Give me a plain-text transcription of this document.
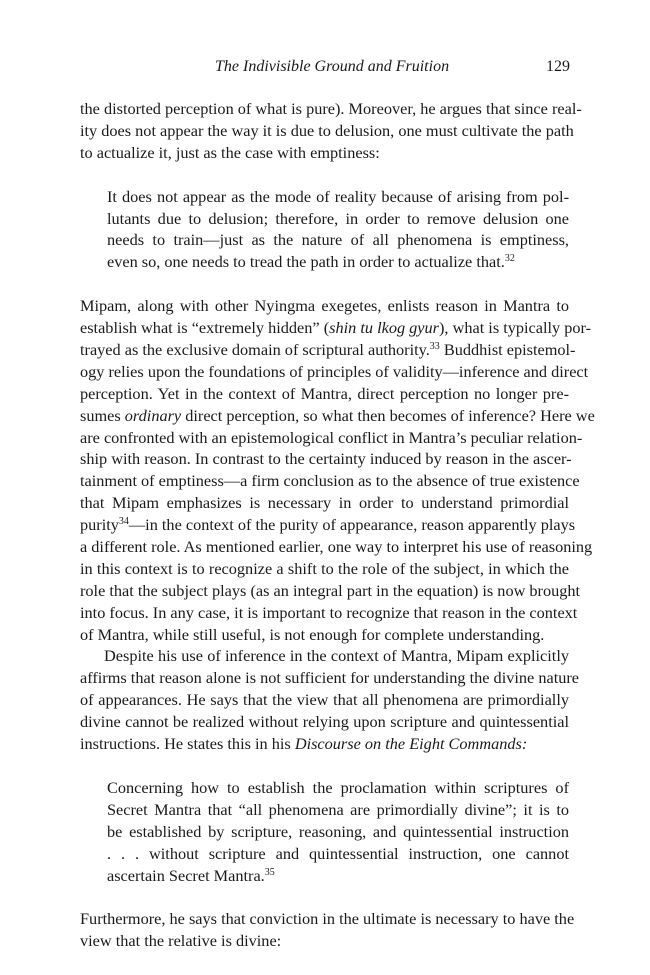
The Indivisible Ground and Fruition	129
the distorted perception of what is pure). Moreover, he argues that since real-
ity does not appear the way it is due to delusion, one must cultivate the path
to actualize it, just as the case with emptiness:
It does not appear as the mode of reality because of arising from pol-
lutants due to delusion; therefore, in order to remove delusion one
needs to train—just as the nature of all phenomena is emptiness,
even so, one needs to tread the path in order to actualize that.$^{32}$
Mipam, along with other Nyingma exegetes, enlists reason in Mantra to
establish what is “extremely hidden” (shin tu lkog gyur), what is typically por-
trayed as the exclusive domain of scriptural authority.$^{33}$ Buddhist epistemol-
ogy relies upon the foundations of principles of validity—inference and direct
perception. Yet in the context of Mantra, direct perception no longer pre-
sumes ordinary direct perception, so what then becomes of inference? Here we
are confronted with an epistemological conflict in Mantra’s peculiar relation-
ship with reason. In contrast to the certainty induced by reason in the ascer-
tainment of emptiness—a firm conclusion as to the absence of true existence
that Mipam emphasizes is necessary in order to understand primordial
purity$^{34}$—in the context of the purity of appearance, reason apparently plays
a different role. As mentioned earlier, one way to interpret his use of reasoning
in this context is to recognize a shift to the role of the subject, in which the
role that the subject plays (as an integral part in the equation) is now brought
into focus. In any case, it is important to recognize that reason in the context
of Mantra, while still useful, is not enough for complete understanding.
Despite his use of inference in the context of Mantra, Mipam explicitly
affirms that reason alone is not sufficient for understanding the divine nature
of appearances. He says that the view that all phenomena are primordially
divine cannot be realized without relying upon scripture and quintessential
instructions. He states this in his Discourse on the Eight Commands:
Concerning how to establish the proclamation within scriptures of
Secret Mantra that “all phenomena are primordially divine”; it is to
be established by scripture, reasoning, and quintessential instruction
. . . without scripture and quintessential instruction, one cannot
ascertain Secret Mantra.$^{35}$
Furthermore, he says that conviction in the ultimate is necessary to have the
view that the relative is divine:
